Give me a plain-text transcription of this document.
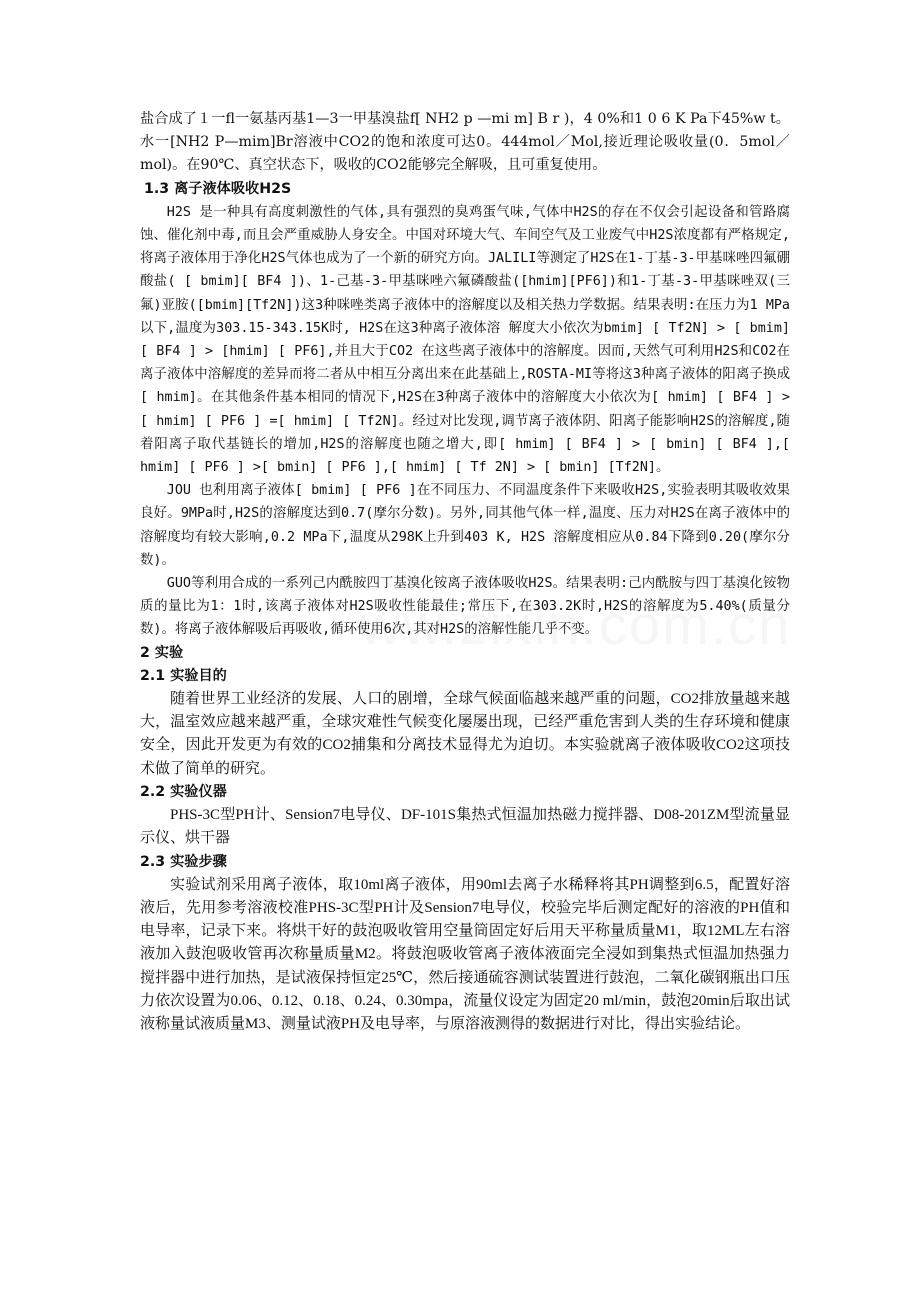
盐合成了１一fl一氨基丙基1—3一甲基溴盐f[ NH2 p —mi m] B r )，4 0%和1 0 6 K Pa下45%w t。水一[NH2 P—mim]Br溶液中CO2的饱和浓度可达0。444mol／Mol,接近理论吸收量(0．5mol／mol)。在90℃、真空状态下，吸收的CO2能够完全解吸，且可重复使用。

1.3 离子液体吸收H2S

H2S 是一种具有高度刺激性的气体,具有强烈的臭鸡蛋气味,气体中H2S的存在不仅会引起设备和管路腐蚀、催化剂中毒,而且会严重威胁人身安全。中国对环境大气、车间空气及工业废气中H2S浓度都有严格规定,将离子液体用于净化H2S气体也成为了一个新的研究方向。JALILI等测定了H2S在1-丁基-3-甲基咪唑四氟硼酸盐( [ bmim][ BF4 ])、1-己基-3-甲基咪唑六氟磷酸盐([hmim][PF6])和1-丁基-3-甲基咪唑双(三氟)亚胺([bmim][Tf2N])这3种咪唑类离子液体中的溶解度以及相关热力学数据。结果表明:在压力为1 MPa以下,温度为303.15-343.15K时, H2S在这3种离子液体溶 解度大小依次为bmim] [ Tf2N] > [ bmim] [ BF4 ] > [hmim] [ PF6],并且大于CO2 在这些离子液体中的溶解度。因而,天然气可利用H2S和CO2在离子液体中溶解度的差异而将二者从中相互分离出来在此基础上,ROSTA-MI等将这3种离子液体的阳离子换成[ hmim]。在其他条件基本相同的情况下,H2S在3种离子液体中的溶解度大小依次为[ hmim] [ BF4 ] > [ hmim] [ PF6 ] =[ hmim] [ Tf2N]。经过对比发现,调节离子液体阴、阳离子能影响H2S的溶解度,随着阳离子取代基链长的增加,H2S的溶解度也随之增大,即[ hmim] [ BF4 ] > [ bmin] [ BF4 ],[ hmim] [ PF6 ] >[ bmin] [ PF6 ],[ hmim] [ Tf 2N] > [ bmin] [Tf2N]。

JOU 也利用离子液体[ bmim] [ PF6 ]在不同压力、不同温度条件下来吸收H2S,实验表明其吸收效果良好。9MPa时,H2S的溶解度达到0.7(摩尔分数)。另外,同其他气体一样,温度、压力对H2S在离子液体中的溶解度均有较大影响,0.2 MPa下,温度从298K上升到403 K, H2S 溶解度相应从0.84下降到0.20(摩尔分数)。

GUO等利用合成的一系列己内酰胺四丁基溴化铵离子液体吸收H2S。结果表明:己内酰胺与四丁基溴化铵物质的量比为1：1时,该离子液体对H2S吸收性能最佳;常压下,在303.2K时,H2S的溶解度为5.40%(质量分数)。将离子液体解吸后再吸收,循环使用6次,其对H2S的溶解性能几乎不变。

2 实验
2.1 实验目的

随着世界工业经济的发展、人口的剧增，全球气候面临越来越严重的问题，CO2排放量越来越大，温室效应越来越严重，全球灾难性气候变化屡屡出现，已经严重危害到人类的生存环境和健康安全，因此开发更为有效的CO2捕集和分离技术显得尤为迫切。本实验就离子液体吸收CO2这项技术做了简单的研究。

2.2 实验仪器

PHS-3C型PH计、Sension7电导仪、DF-101S集热式恒温加热磁力搅拌器、D08-201ZM型流量显示仪、烘干器

2.3 实验步骤

实验试剂采用离子液体，取10ml离子液体，用90ml去离子水稀释将其PH调整到6.5，配置好溶液后，先用参考溶液校准PHS-3C型PH计及Sension7电导仪，校验完毕后测定配好的溶液的PH值和电导率，记录下来。将烘干好的鼓泡吸收管用空量筒固定好后用天平称量质量M1，取12ML左右溶液加入鼓泡吸收管再次称量质量M2。将鼓泡吸收管离子液体液面完全浸如到集热式恒温加热强力搅拌器中进行加热，是试液保持恒定25℃，然后接通硫容测试装置进行鼓泡，二氧化碳钢瓶出口压力依次设置为0.06、0.12、0.18、0.24、0.30mpa，流量仪设定为固定20 ml/min，鼓泡20min后取出试液称量试液质量M3、测量试液PH及电导率，与原溶液测得的数据进行对比，得出实验结论。
